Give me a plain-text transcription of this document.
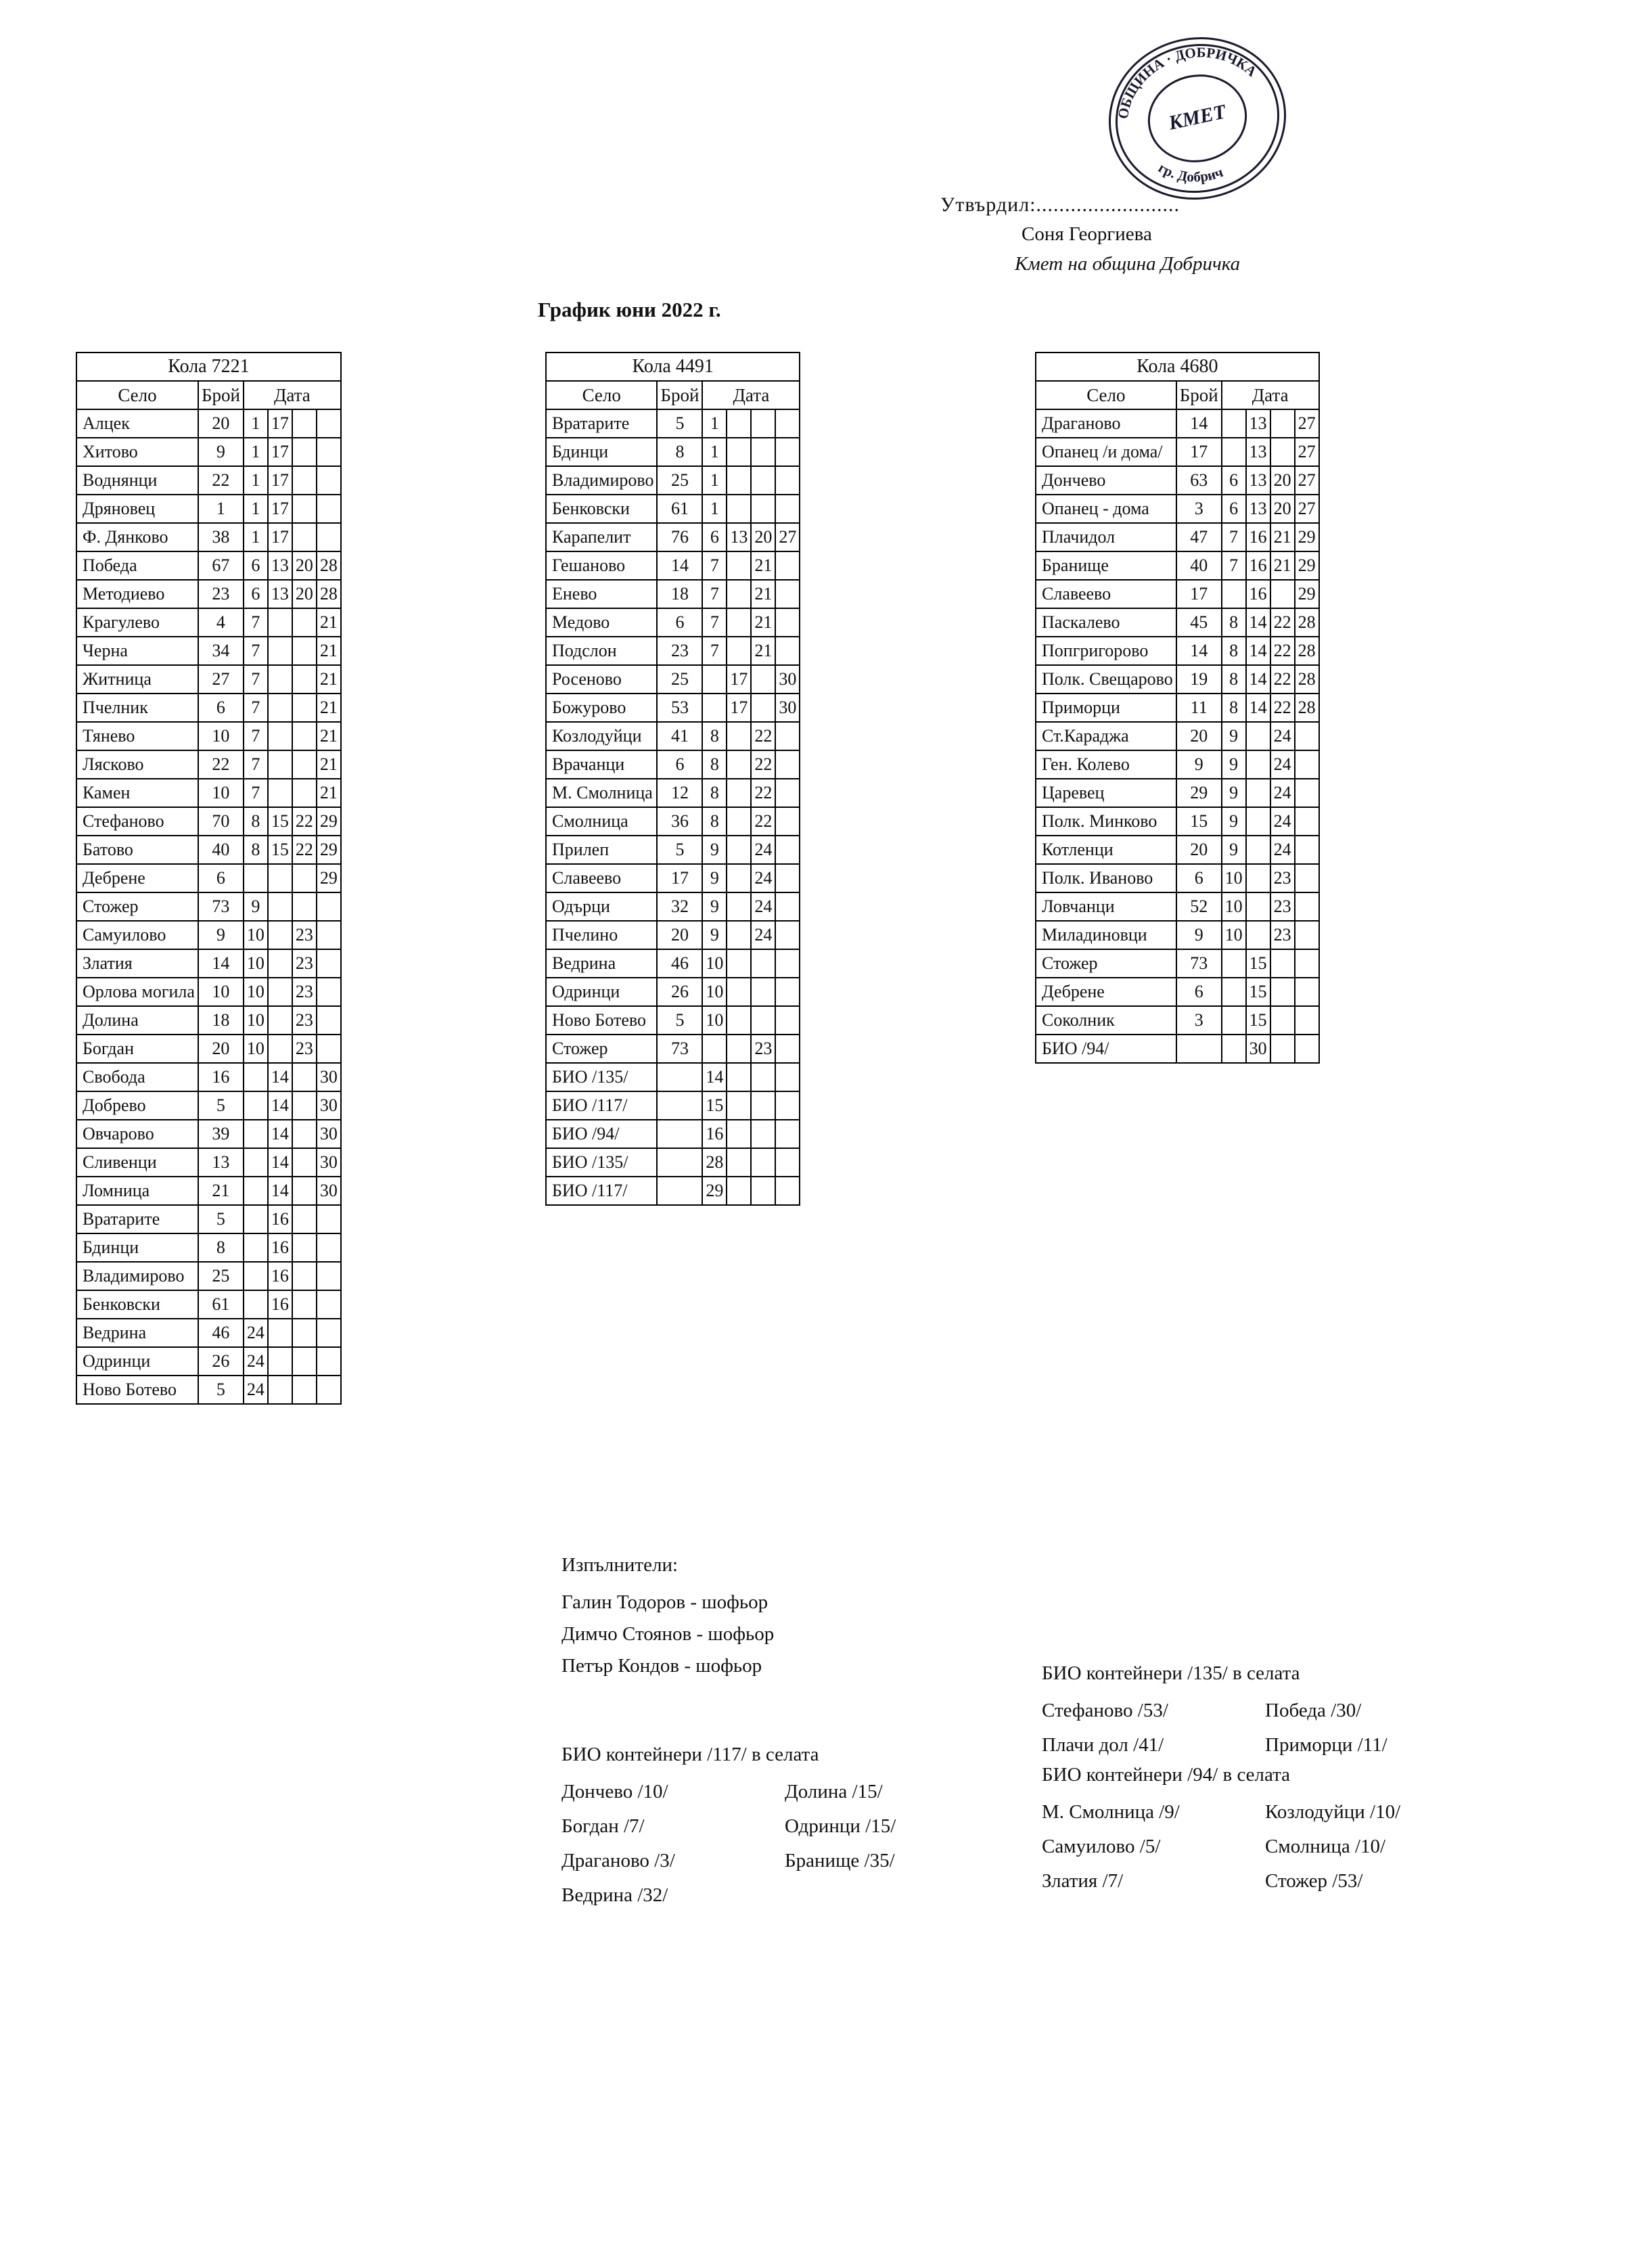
ОБЩИНА · ДОБРИЧКА
гр. Добрич
КМЕТ
Утвърдил:.........................
Соня Георгиева
Кмет на община Добричка
График юни 2022 г.
Кола 7221					
Село	Брой	Дата			
Алцек	20	1	17		
Хитово	9	1	17		
Воднянци	22	1	17		
Дряновец	1	1	17		
Ф. Дянково	38	1	17		
Победа	67	6	13	20	28
Методиево	23	6	13	20	28
Крагулево	4	7			21
Черна	34	7			21
Житница	27	7			21
Пчелник	6	7			21
Тянево	10	7			21
Лясково	22	7			21
Камен	10	7			21
Стефаново	70	8	15	22	29
Батово	40	8	15	22	29
Дебрене	6				29
Стожер	73	9			
Самуилово	9	10		23	
Златия	14	10		23	
Орлова могила	10	10		23	
Долина	18	10		23	
Богдан	20	10		23	
Свобода	16		14		30
Добрево	5		14		30
Овчарово	39		14		30
Сливенци	13		14		30
Ломница	21		14		30
Вратарите	5		16		
Бдинци	8		16		
Владимирово	25		16		
Бенковски	61		16		
Ведрина	46	24			
Одринци	26	24			
Ново Ботево	5	24			
Кола 4491					
Село	Брой	Дата			
Вратарите	5	1			
Бдинци	8	1			
Владимирово	25	1			
Бенковски	61	1			
Карапелит	76	6	13	20	27
Гешаново	14	7		21	
Енево	18	7		21	
Медово	6	7		21	
Подслон	23	7		21	
Росеново	25		17		30
Божурово	53		17		30
Козлодуйци	41	8		22	
Врачанци	6	8		22	
М. Смолница	12	8		22	
Смолница	36	8		22	
Прилеп	5	9		24	
Славеево	17	9		24	
Одърци	32	9		24	
Пчелино	20	9		24	
Ведрина	46	10			
Одринци	26	10			
Ново Ботево	5	10			
Стожер	73			23	
БИО /135/		14			
БИО /117/		15			
БИО /94/		16			
БИО /135/		28			
БИО /117/		29			
Кола 4680					
Село	Брой	Дата			
Драганово	14		13		27
Опанец /и дома/	17		13		27
Дончево	63	6	13	20	27
Опанец - дома	3	6	13	20	27
Плачидол	47	7	16	21	29
Бранище	40	7	16	21	29
Славеево	17		16		29
Паскалево	45	8	14	22	28
Попгригорово	14	8	14	22	28
Полк. Свещарово	19	8	14	22	28
Приморци	11	8	14	22	28
Ст.Караджа	20	9		24	
Ген. Колево	9	9		24	
Царевец	29	9		24	
Полк. Минково	15	9		24	
Котленци	20	9		24	
Полк. Иваново	6	10		23	
Ловчанци	52	10		23	
Миладиновци	9	10		23	
Стожер	73		15		
Дебрене	6		15		
Соколник	3		15		
БИО /94/			30		
Изпълнители:
Галин Тодоров - шофьор
Димчо Стоянов - шофьор
Петър Кондов - шофьор
БИО контейнери /117/ в селата
Дончево /10/	Долина /15/
Богдан /7/	Одринци /15/
Драганово /3/	Бранище /35/
Ведрина /32/
БИО контейнери /135/ в селата
Стефаново /53/	Победа /30/
Плачи дол /41/	Приморци /11/
БИО контейнери /94/ в селата
М. Смолница /9/	Козлодуйци /10/
Самуилово /5/	Смолница /10/
Златия /7/	Стожер /53/
